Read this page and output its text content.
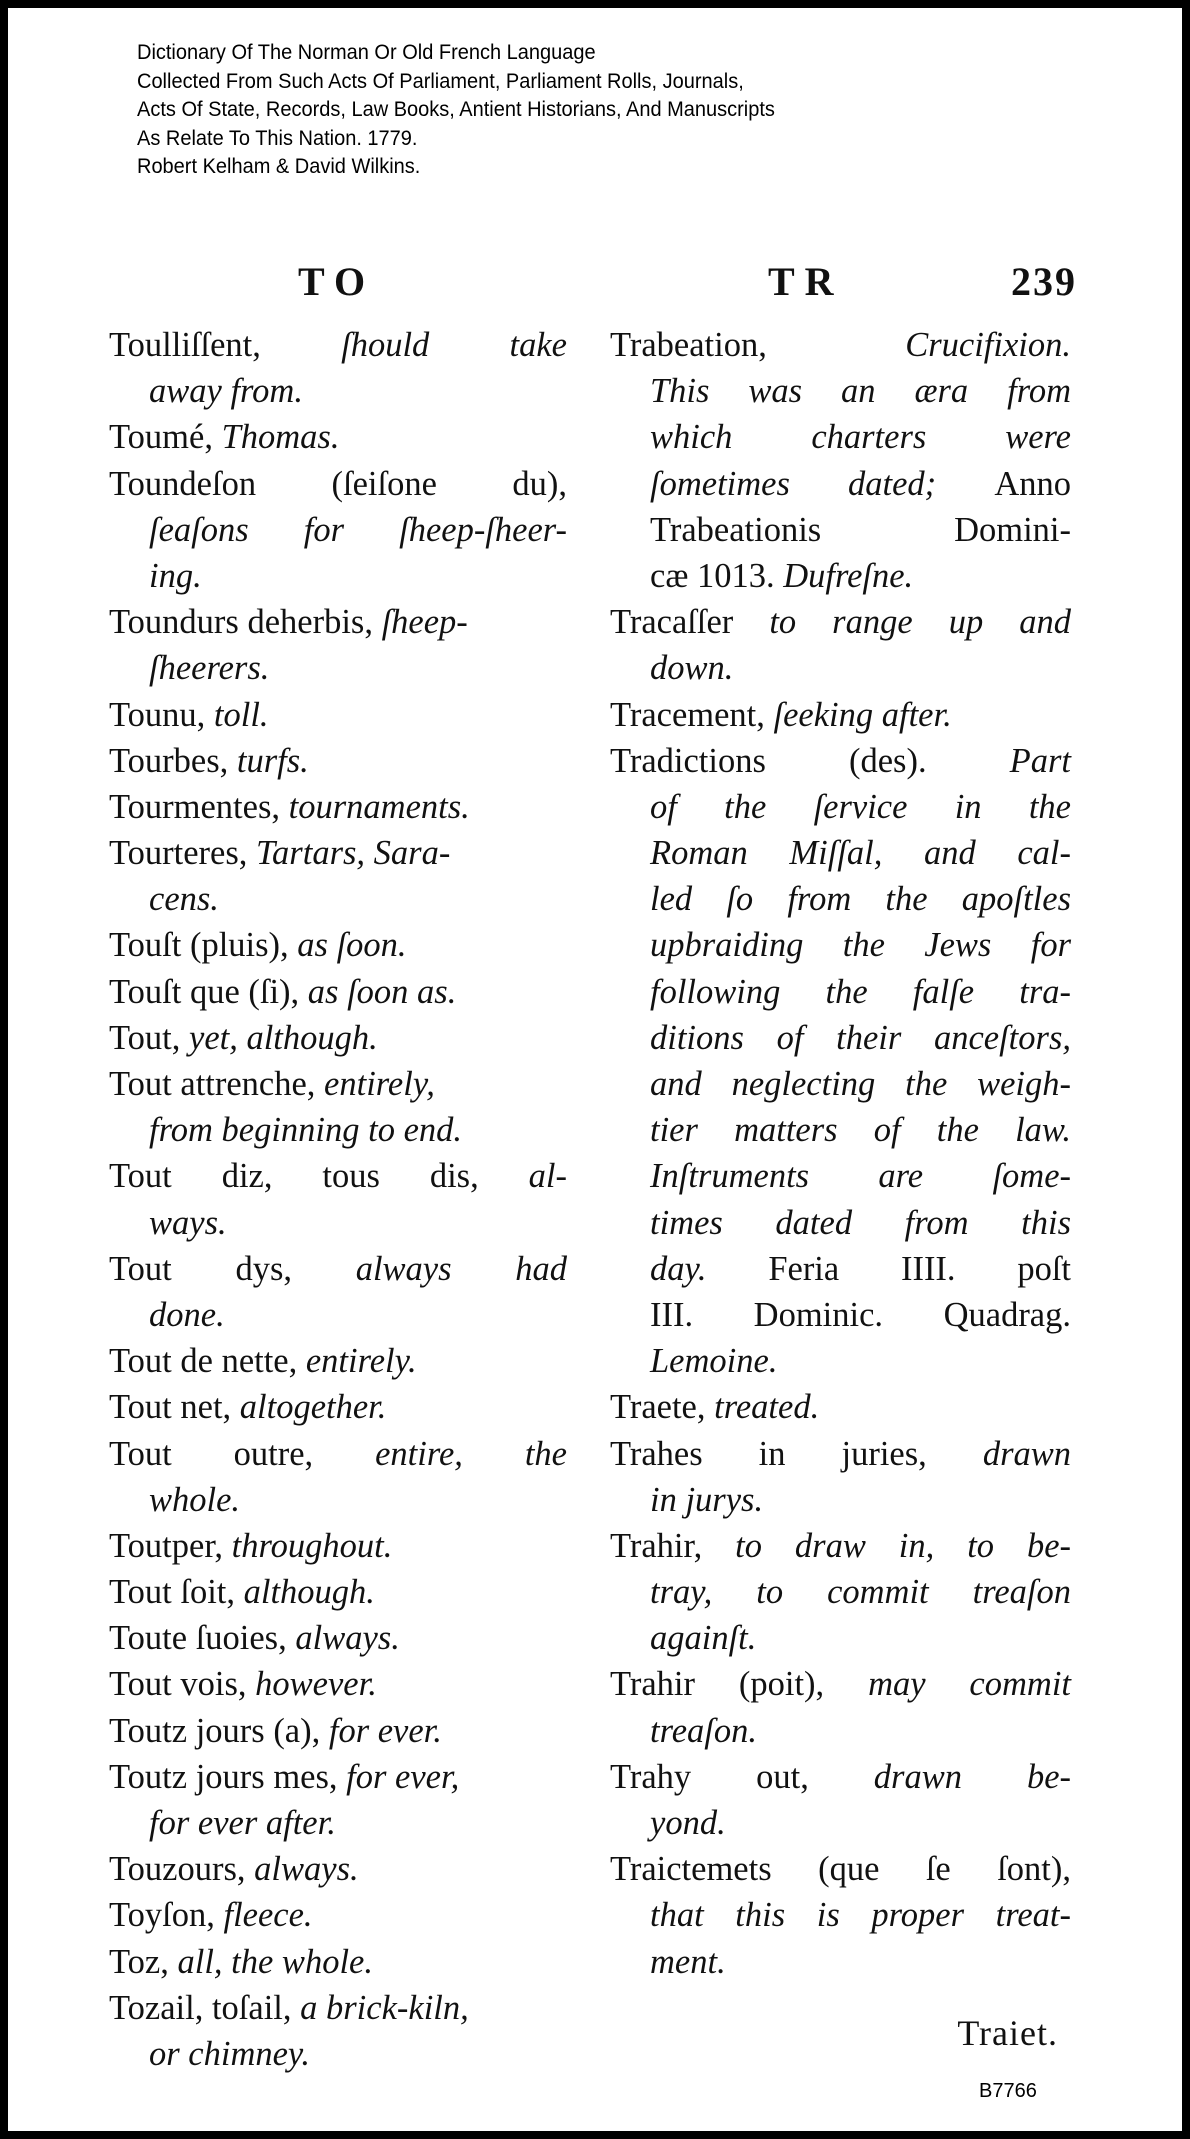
Dictionary Of The Norman Or Old French Language
Collected From Such Acts Of Parliament, Parliament Rolls, Journals,
Acts Of State, Records, Law Books, Antient Historians, And Manuscripts
As Relate To This Nation. 1779.
Robert Kelham & David Wilkins.
TO	TR	239
Toulliſſent, ſhould take
away from.
Toumé, Thomas.
Toundeſon (ſeiſone du),
ſeaſons for ſheep-ſheer-
ing.
Toundurs deherbis, ſheep-
ſheerers.
Tounu, toll.
Tourbes, turfs.
Tourmentes, tournaments.
Tourteres, Tartars, Sara-
cens.
Touſt (pluis), as ſoon.
Touſt que (ſi), as ſoon as.
Tout, yet, although.
Tout attrenche, entirely,
from beginning to end.
Tout diz, tous dis, al-
ways.
Tout dys, always had
done.
Tout de nette, entirely.
Tout net, altogether.
Tout outre, entire, the
whole.
Toutper, throughout.
Tout ſoit, although.
Toute ſuoies, always.
Tout vois, however.
Toutz jours (a), for ever.
Toutz jours mes, for ever,
for ever after.
Touzours, always.
Toyſon, fleece.
Toz, all, the whole.
Tozail, toſail, a brick-kiln,
or chimney.
Trabeation, Crucifixion.
This was an æra from
which charters were
ſometimes dated; Anno
Trabeationis Domini-
cæ 1013. Dufreſne.
Tracaſſer to range up and
down.
Tracement, ſeeking after.
Tradictions (des). Part
of the ſervice in the
Roman Miſſal, and cal-
led ſo from the apoſtles
upbraiding the Jews for
following the falſe tra-
ditions of their anceſtors,
and neglecting the weigh-
tier matters of the law.
Inſtruments are ſome-
times dated from this
day. Feria IIII. poſt
III. Dominic. Quadrag.
Lemoine.
Traete, treated.
Trahes in juries, drawn
in jurys.
Trahir, to draw in, to be-
tray, to commit treaſon
againſt.
Trahir (poit), may commit
treaſon.
Trahy out, drawn be-
yond.
Traictemets (que ſe ſont),
that this is proper treat-
ment.
Traiet.
B7766
